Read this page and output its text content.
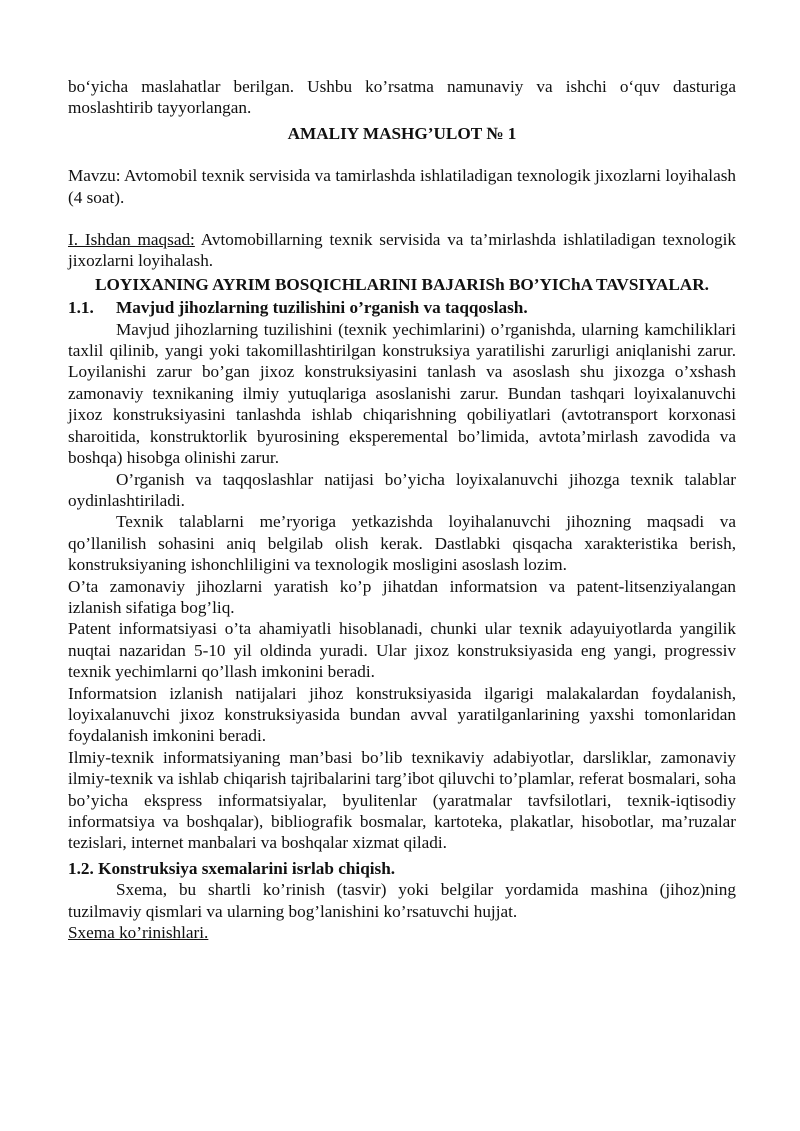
bo‘yicha maslahatlar berilgan. Ushbu ko’rsatma namunaviy va ishchi o‘quv dasturiga moslashtirib tayyorlangan.

AMALIY MASHG’ULOT № 1

Mavzu: Avtomobil texnik servisida va tamirlashda ishlatiladigan texnologik jixozlarni loyihalash (4 soat).

I. Ishdan maqsad: Avtomobillarning texnik servisida va ta’mirlashda ishlatiladigan texnologik jixozlarni loyihalash.

LOYIXANING AYRIM BOSQICHLARINI BAJARISh BO’YIChA TAVSIYALAR.
1.1.	Mavjud jihozlarning tuzilishini o’rganish va taqqoslash.

Mavjud jihozlarning tuzilishini (texnik yechimlarini) o’rganishda, ularning kamchiliklari taxlil qilinib, yangi yoki takomillashtirilgan konstruksiya yaratilishi zarurligi aniqlanishi zarur. Loyilanishi zarur bo’gan jixoz konstruksiyasini tanlash va asoslash shu jixozga o’xshash zamonaviy texnikaning ilmiy yutuqlariga asoslanishi zarur. Bundan tashqari loyixalanuvchi jixoz konstruksiyasini tanlashda ishlab chiqarishning qobiliyatlari (avtotransport korxonasi sharoitida, konstruktorlik byurosining eksperemental bo’limida, avtota’mirlash zavodida va boshqa) hisobga olinishi zarur.

O’rganish va taqqoslashlar natijasi bo’yicha loyixalanuvchi jihozga texnik talablar oydinlashtiriladi.

Texnik talablarni me’ryoriga yetkazishda loyihalanuvchi jihozning maqsadi va qo’llanilish sohasini aniq belgilab olish kerak. Dastlabki qisqacha xarakteristika berish, konstruksiyaning ishonchliligini va texnologik mosligini asoslash lozim.

O’ta zamonaviy jihozlarni yaratish ko’p jihatdan informatsion va patent-litsenziyalangan izlanish sifatiga bog’liq.

Patent informatsiyasi o’ta ahamiyatli hisoblanadi, chunki ular texnik adayuiyotlarda yangilik nuqtai nazaridan 5-10 yil oldinda yuradi. Ular jixoz konstruksiyasida eng yangi, progressiv texnik yechimlarni qo’llash imkonini beradi.

Informatsion izlanish natijalari jihoz konstruksiyasida ilgarigi malakalardan foydalanish, loyixalanuvchi jixoz konstruksiyasida bundan avval yaratilganlarining yaxshi tomonlaridan foydalanish imkonini beradi.

Ilmiy-texnik informatsiyaning man’basi bo’lib texnikaviy adabiyotlar, darsliklar, zamonaviy ilmiy-texnik va ishlab chiqarish tajribalarini targ’ibot qiluvchi to’plamlar, referat bosmalari, soha bo’yicha ekspress informatsiyalar, byulitenlar (yaratmalar tavfsilotlari, texnik-iqtisodiy informatsiya va boshqalar), bibliografik bosmalar, kartoteka, plakatlar, hisobotlar, ma’ruzalar tezislari, internet manbalari va boshqalar xizmat qiladi.

1.2. Konstruksiya sxemalarini isrlab chiqish.

Sxema, bu shartli ko’rinish (tasvir) yoki belgilar yordamida mashina (jihoz)ning tuzilmaviy qismlari va ularning bog’lanishini ko’rsatuvchi hujjat.

Sxema ko’rinishlari.
